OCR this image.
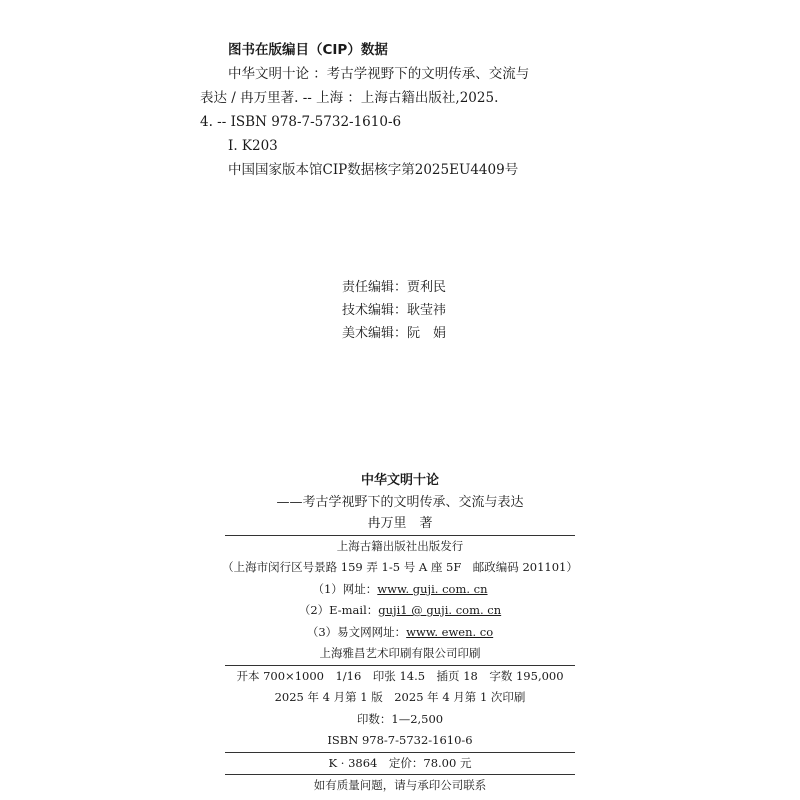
图书在版编目（CIP）数据
中华文明十论 ：考古学视野下的文明传承、交流与
表达 / 冉万里著. -- 上海 ：上海古籍出版社,2025.
4. -- ISBN 978-7-5732-1610-6
Ⅰ. K203
中国国家版本馆CIP数据核字第2025EU4409号
责任编辑：贾利民
技术编辑：耿莹祎
美术编辑：阮　娟
中华文明十论
——考古学视野下的文明传承、交流与表达
冉万里　著
上海古籍出版社出版发行
（上海市闵行区号景路 159 弄 1-5 号 A 座 5F　邮政编码 201101）
（1）网址：www. guji. com. cn
（2）E-mail：guji1 @ guji. com. cn
（3）易文网网址：www. ewen. co
上海雅昌艺术印刷有限公司印刷
开本 700×1000　1/16　印张 14.5　插页 18　字数 195,000
2025 年 4 月第 1 版　2025 年 4 月第 1 次印刷
印数：1—2,500
ISBN 978-7-5732-1610-6
K · 3864　定价：78.00 元
如有质量问题，请与承印公司联系
